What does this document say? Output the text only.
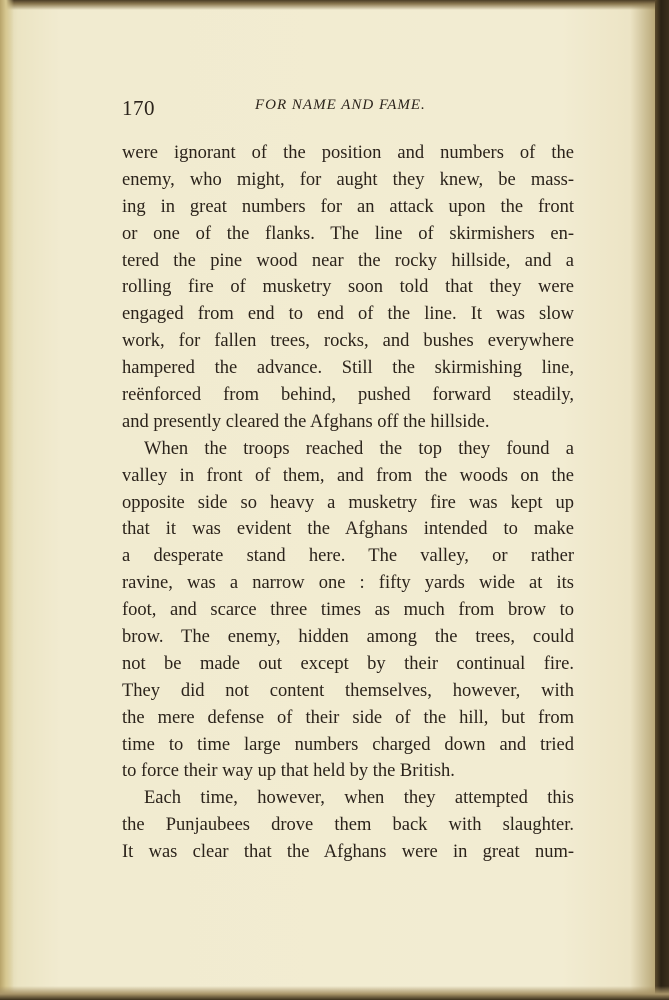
170	FOR NAME AND FAME.
were ignorant of the position and numbers of the
enemy, who might, for aught they knew, be mass-
ing in great numbers for an attack upon the front
or one of the flanks. The line of skirmishers en-
tered the pine wood near the rocky hillside, and a
rolling fire of musketry soon told that they were
engaged from end to end of the line. It was slow
work, for fallen trees, rocks, and bushes everywhere
hampered the advance. Still the skirmishing line,
reënforced from behind, pushed forward steadily,
and presently cleared the Afghans off the hillside.
When the troops reached the top they found a
valley in front of them, and from the woods on the
opposite side so heavy a musketry fire was kept up
that it was evident the Afghans intended to make
a desperate stand here. The valley, or rather
ravine, was a narrow one : fifty yards wide at its
foot, and scarce three times as much from brow to
brow. The enemy, hidden among the trees, could
not be made out except by their continual fire.
They did not content themselves, however, with
the mere defense of their side of the hill, but from
time to time large numbers charged down and tried
to force their way up that held by the British.
Each time, however, when they attempted this
the Punjaubees drove them back with slaughter.
It was clear that the Afghans were in great num-
